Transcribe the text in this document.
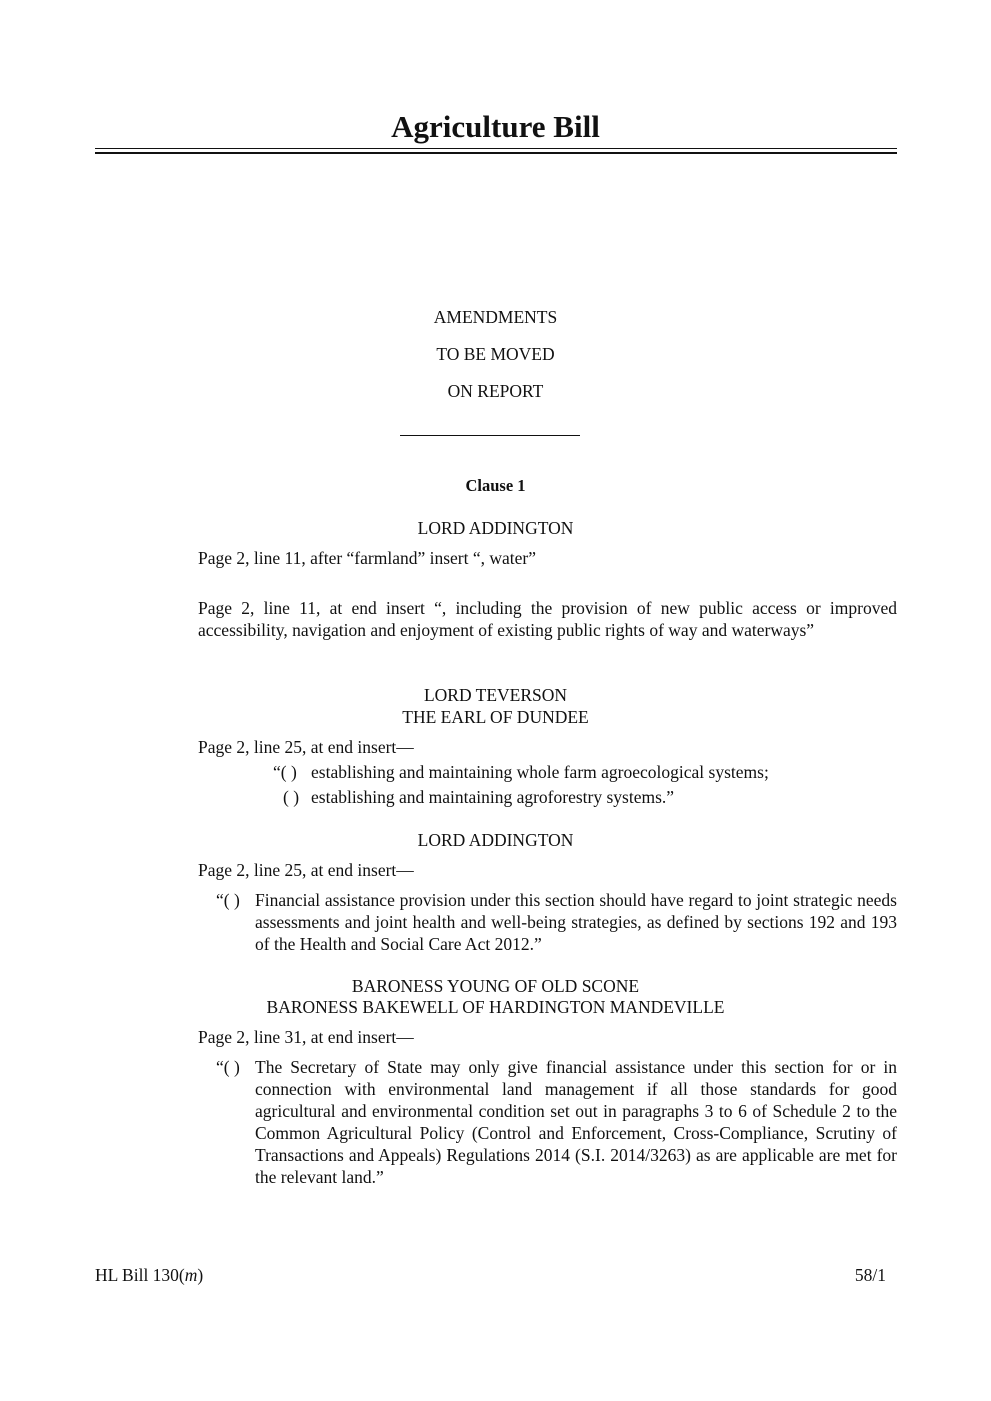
Agriculture Bill
AMENDMENTS
TO BE MOVED
ON REPORT
Clause 1
LORD ADDINGTON
Page 2, line 11, after “farmland” insert “, water”
Page 2, line 11, at end insert “, including the provision of new public access or improved accessibility, navigation and enjoyment of existing public rights of way and waterways”
LORD TEVERSON
THE EARL OF DUNDEE
Page 2, line 25, at end insert—
“( ) establishing and maintaining whole farm agroecological systems;
( ) establishing and maintaining agroforestry systems.”
LORD ADDINGTON
Page 2, line 25, at end insert—
“( ) Financial assistance provision under this section should have regard to joint strategic needs assessments and joint health and well-being strategies, as defined by sections 192 and 193 of the Health and Social Care Act 2012.”
BARONESS YOUNG OF OLD SCONE
BARONESS BAKEWELL OF HARDINGTON MANDEVILLE
Page 2, line 31, at end insert—
“( ) The Secretary of State may only give financial assistance under this section for or in connection with environmental land management if all those standards for good agricultural and environmental condition set out in paragraphs 3 to 6 of Schedule 2 to the Common Agricultural Policy (Control and Enforcement, Cross-Compliance, Scrutiny of Transactions and Appeals) Regulations 2014 (S.I. 2014/3263) as are applicable are met for the relevant land.”
HL Bill 130(m)	58/1
